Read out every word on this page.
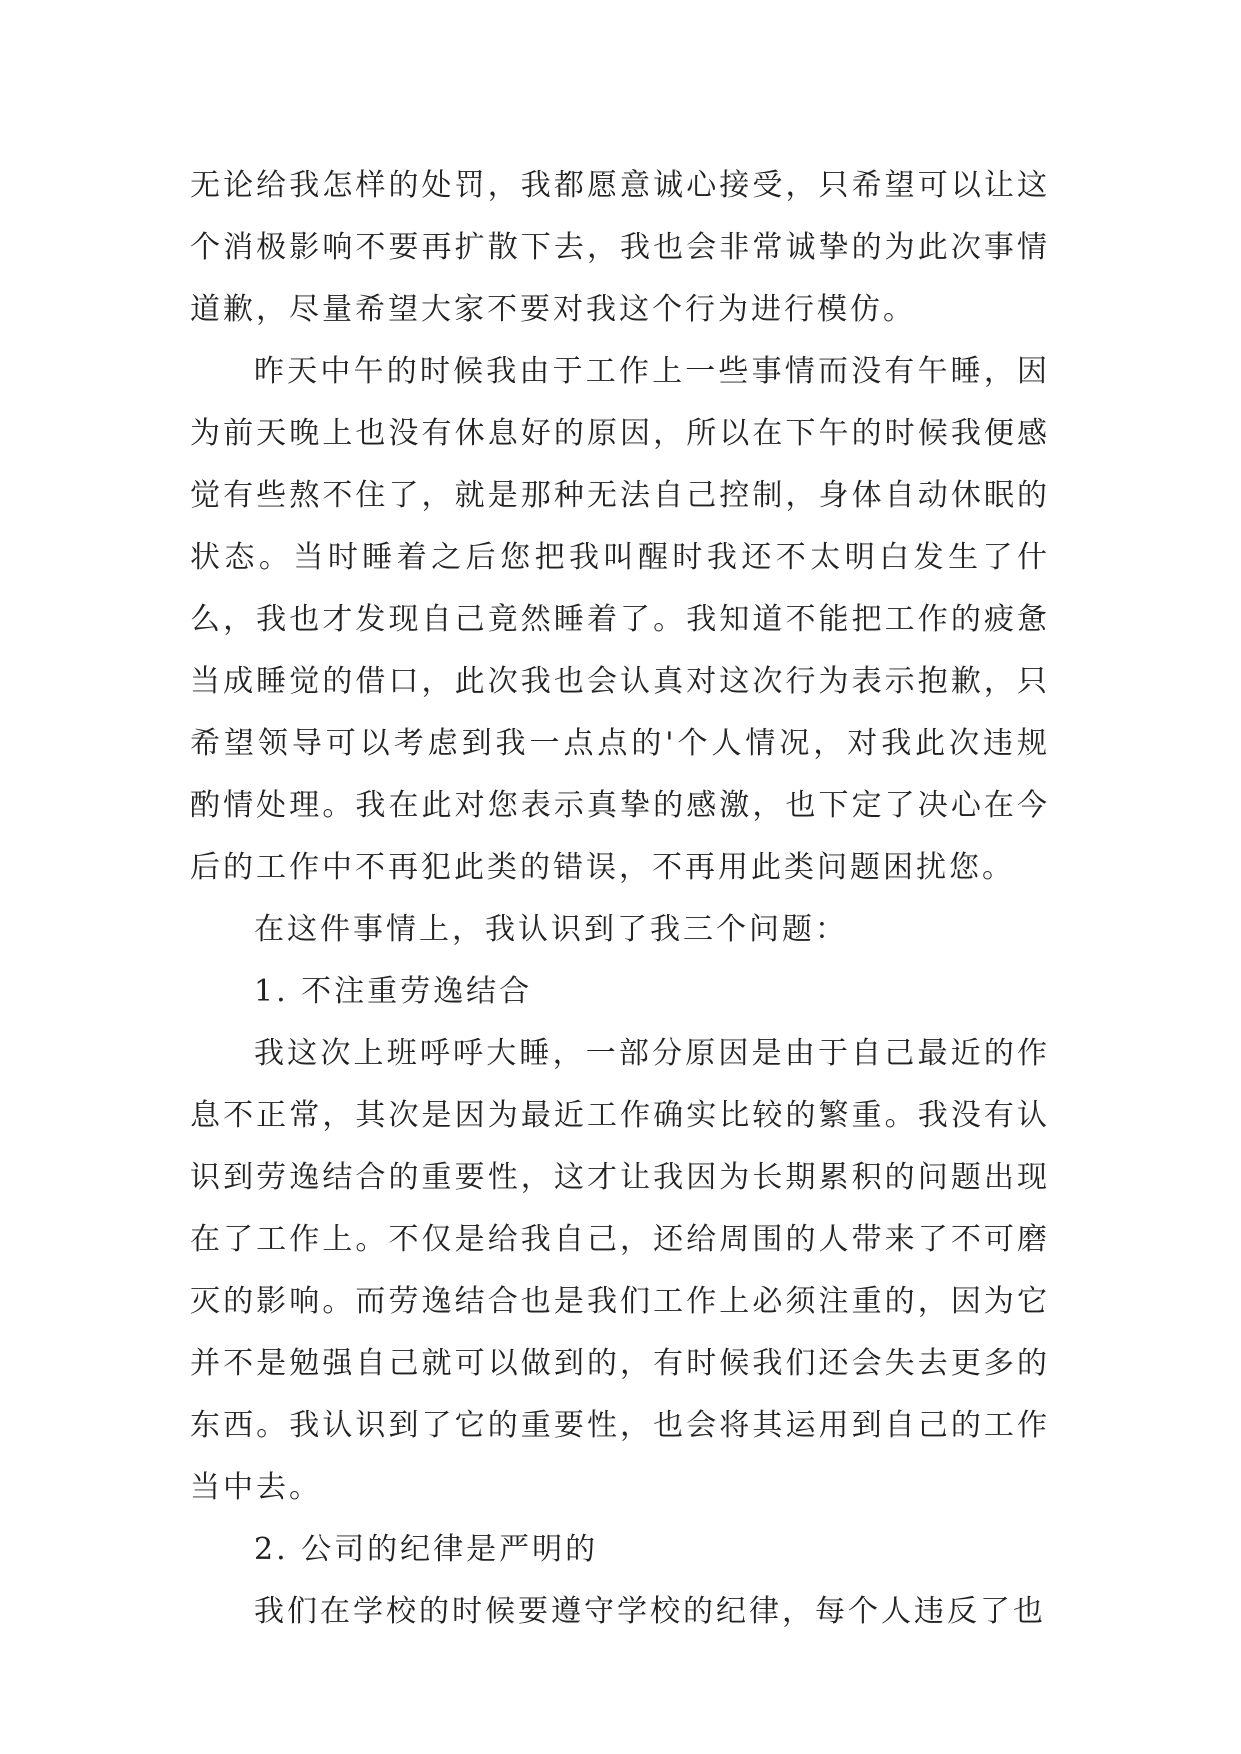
无论给我怎样的处罚，我都愿意诚心接受，只希望可以让这个消极影响不要再扩散下去，我也会非常诚挚的为此次事情道歉，尽量希望大家不要对我这个行为进行模仿。

昨天中午的时候我由于工作上一些事情而没有午睡，因为前天晚上也没有休息好的原因，所以在下午的时候我便感觉有些熬不住了，就是那种无法自己控制，身体自动休眠的状态。当时睡着之后您把我叫醒时我还不太明白发生了什么，我也才发现自己竟然睡着了。我知道不能把工作的疲惫当成睡觉的借口，此次我也会认真对这次行为表示抱歉，只希望领导可以考虑到我一点点的'个人情况，对我此次违规酌情处理。我在此对您表示真挚的感激，也下定了决心在今后的工作中不再犯此类的错误，不再用此类问题困扰您。

在这件事情上，我认识到了我三个问题：

1. 不注重劳逸结合

我这次上班呼呼大睡，一部分原因是由于自己最近的作息不正常，其次是因为最近工作确实比较的繁重。我没有认识到劳逸结合的重要性，这才让我因为长期累积的问题出现在了工作上。不仅是给我自己，还给周围的人带来了不可磨灭的影响。而劳逸结合也是我们工作上必须注重的，因为它并不是勉强自己就可以做到的，有时候我们还会失去更多的东西。我认识到了它的重要性，也会将其运用到自己的工作当中去。

2. 公司的纪律是严明的

我们在学校的时候要遵守学校的纪律，每个人违反了也
